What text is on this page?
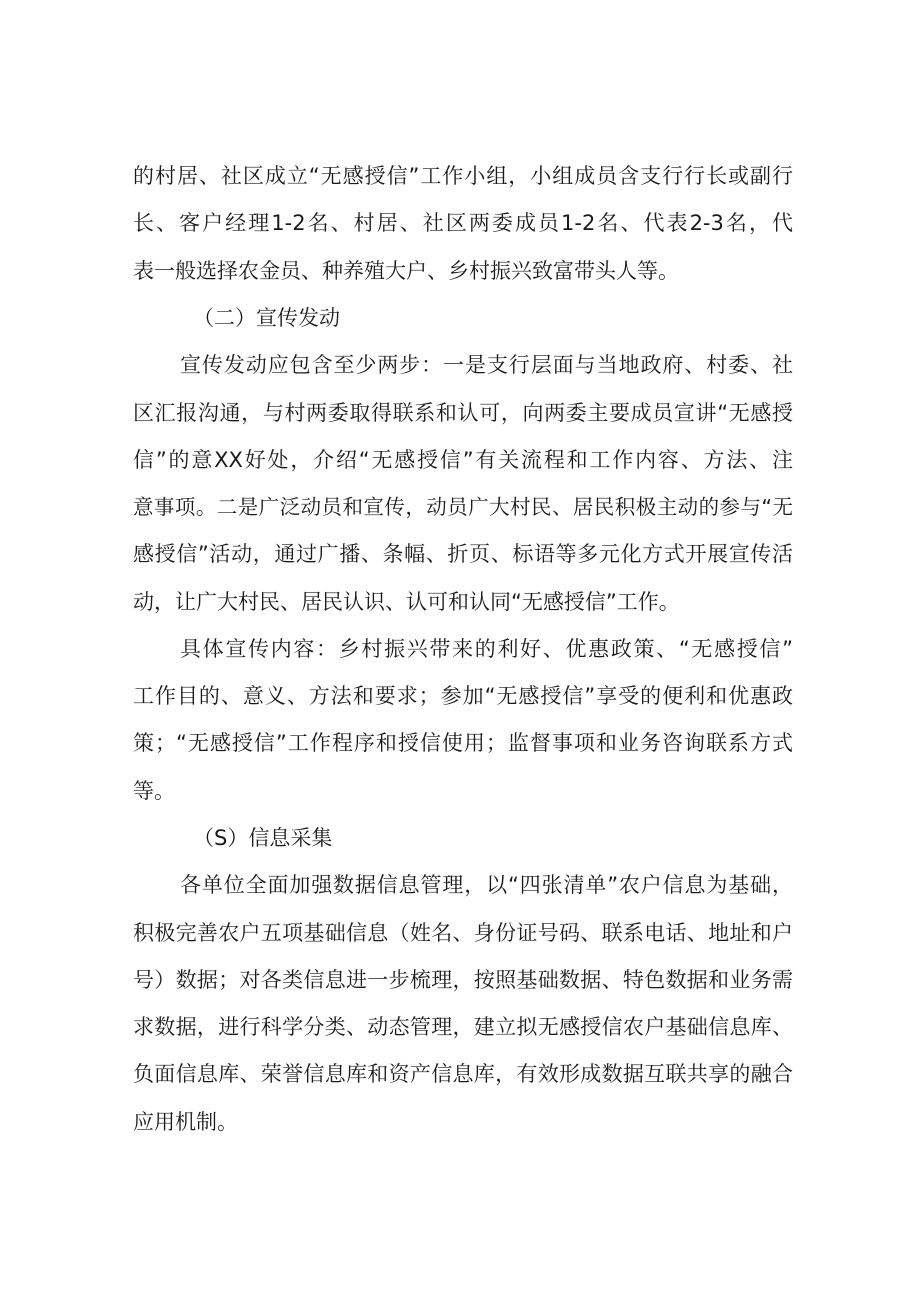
的村居、社区成立“无感授信”工作小组，小组成员含支行行长或副行

长、客户经理1-2名、村居、社区两委成员1-2名、代表2-3名，代

表一般选择农金员、种养殖大户、乡村振兴致富带头人等。

（二）宣传发动

宣传发动应包含至少两步：一是支行层面与当地政府、村委、社

区汇报沟通，与村两委取得联系和认可，向两委主要成员宣讲“无感授

信”的意XX好处，介绍“无感授信”有关流程和工作内容、方法、注

意事项。二是广泛动员和宣传，动员广大村民、居民积极主动的参与“无

感授信”活动，通过广播、条幅、折页、标语等多元化方式开展宣传活

动，让广大村民、居民认识、认可和认同“无感授信”工作。

具体宣传内容：乡村振兴带来的利好、优惠政策、“无感授信”

工作目的、意义、方法和要求；参加“无感授信”享受的便利和优惠政

策；“无感授信”工作程序和授信使用；监督事项和业务咨询联系方式

等。

（S）信息采集

各单位全面加强数据信息管理，以“四张清单”农户信息为基础，

积极完善农户五项基础信息（姓名、身份证号码、联系电话、地址和户

号）数据；对各类信息进一步梳理，按照基础数据、特色数据和业务需

求数据，进行科学分类、动态管理，建立拟无感授信农户基础信息库、

负面信息库、荣誉信息库和资产信息库，有效形成数据互联共享的融合

应用机制。
